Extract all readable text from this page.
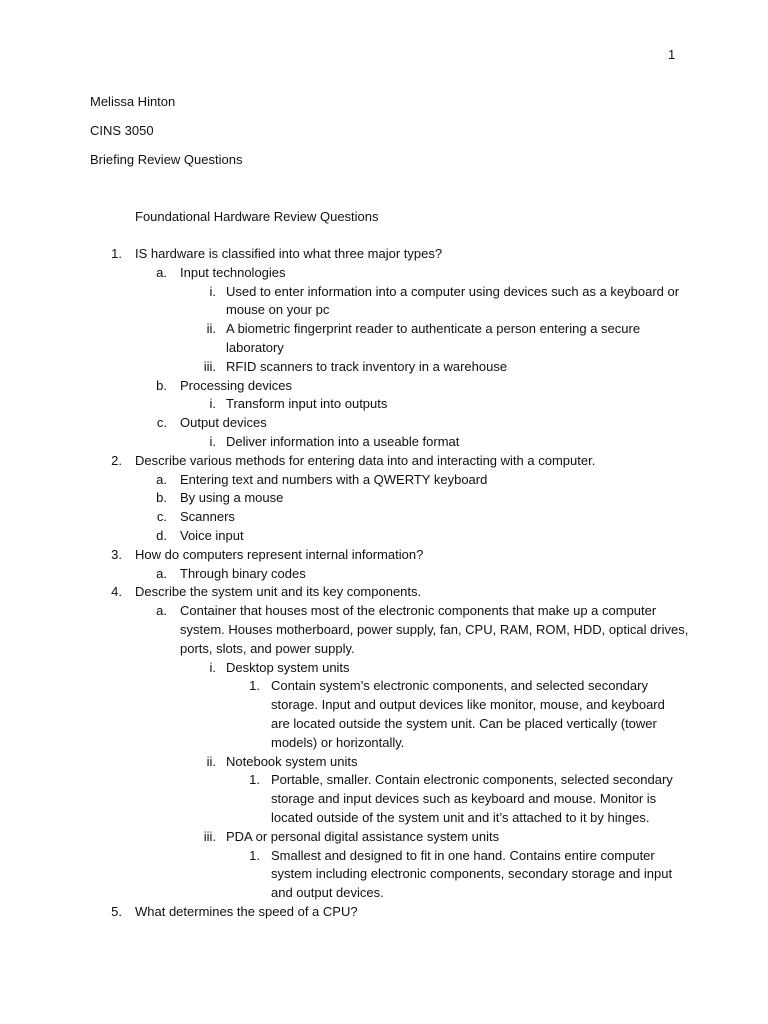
1
Melissa Hinton
CINS 3050
Briefing Review Questions
Foundational Hardware Review Questions
1. IS hardware is classified into what three major types?
a. Input technologies
i. Used to enter information into a computer using devices such as a keyboard or
mouse on your pc
ii. A biometric fingerprint reader to authenticate a person entering a secure
laboratory
iii. RFID scanners to track inventory in a warehouse
b. Processing devices
i. Transform input into outputs
c. Output devices
i. Deliver information into a useable format
2. Describe various methods for entering data into and interacting with a computer.
a. Entering text and numbers with a QWERTY keyboard
b. By using a mouse
c. Scanners
d. Voice input
3. How do computers represent internal information?
a. Through binary codes
4. Describe the system unit and its key components.
a. Container that houses most of the electronic components that make up a computer
system. Houses motherboard, power supply, fan, CPU, RAM, ROM, HDD, optical drives,
ports, slots, and power supply.
i. Desktop system units
1. Contain system’s electronic components, and selected secondary
storage. Input and output devices like monitor, mouse, and keyboard
are located outside the system unit. Can be placed vertically (tower
models) or horizontally.
ii. Notebook system units
1. Portable, smaller. Contain electronic components, selected secondary
storage and input devices such as keyboard and mouse. Monitor is
located outside of the system unit and it’s attached to it by hinges.
iii. PDA or personal digital assistance system units
1. Smallest and designed to fit in one hand. Contains entire computer
system including electronic components, secondary storage and input
and output devices.
5. What determines the speed of a CPU?
